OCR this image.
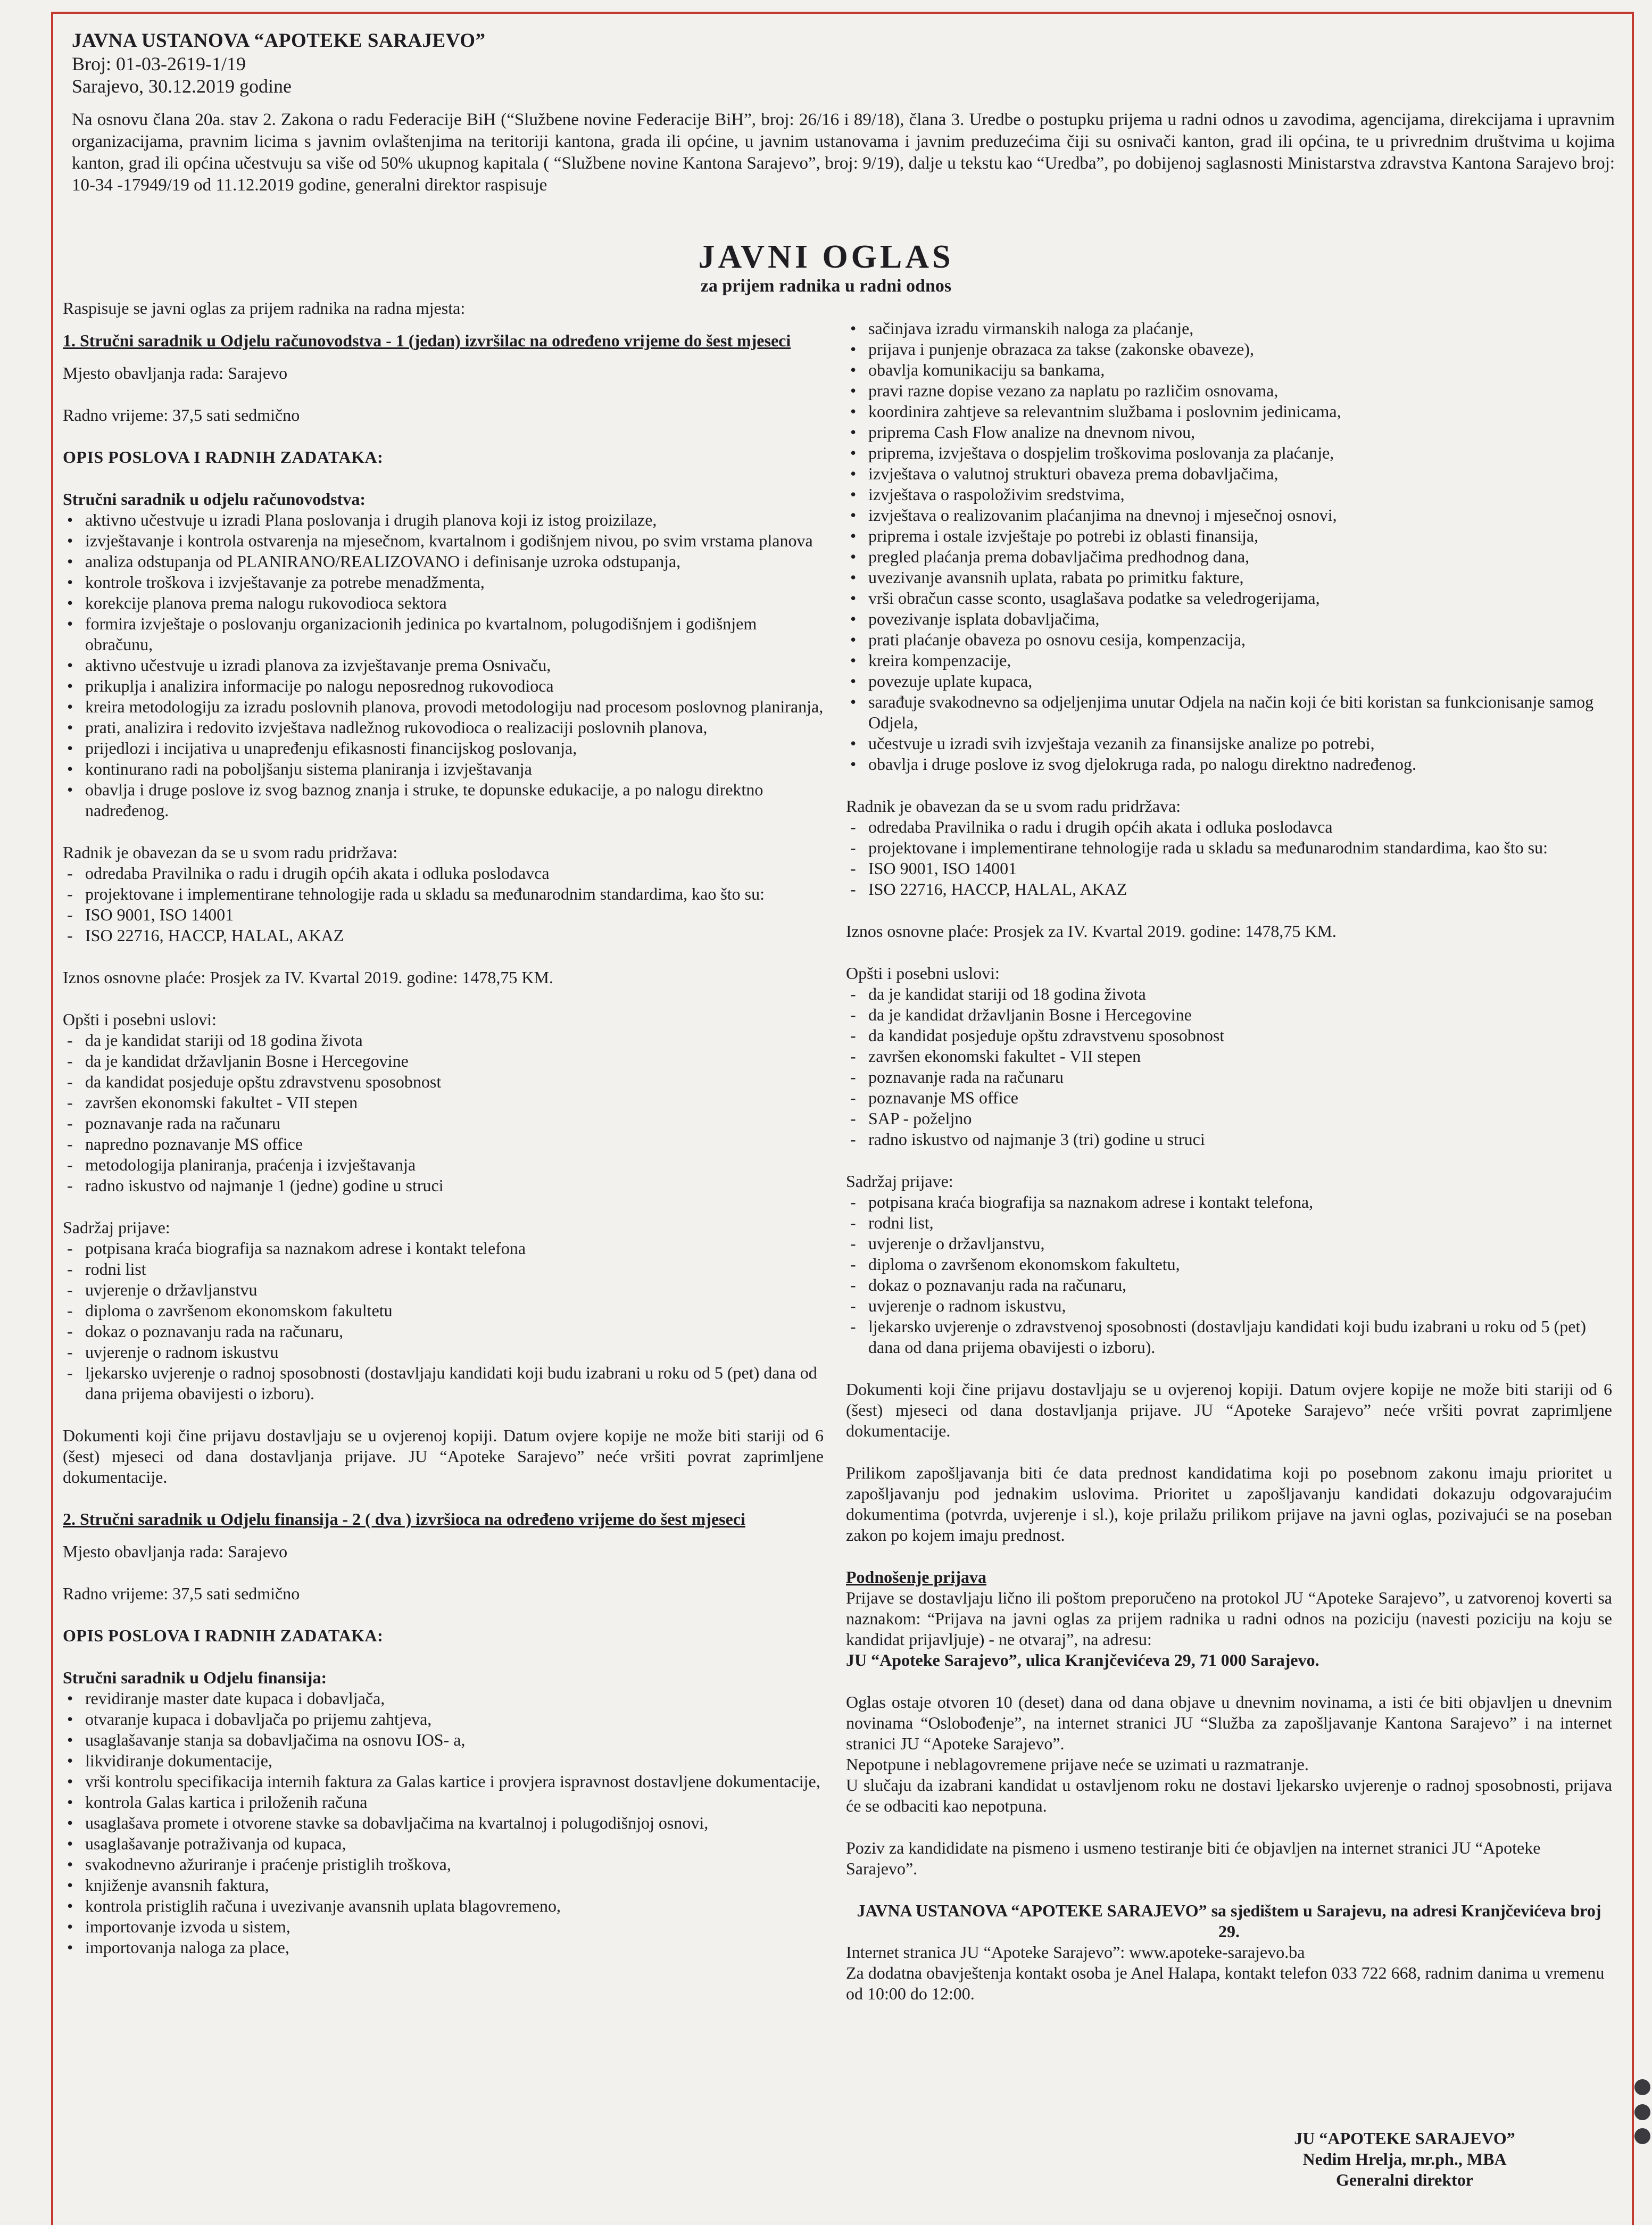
JAVNA USTANOVA “APOTEKE SARAJEVO”
Broj: 01-03-2619-1/19
Sarajevo, 30.12.2019 godine

Na osnovu člana 20a. stav 2. Zakona o radu Federacije BiH (“Službene novine Federacije BiH”, broj: 26/16 i 89/18), člana 3. Uredbe o postupku prijema u radni odnos u zavodima, agencijama, direkcijama i upravnim organizacijama, pravnim licima s javnim ovlaštenjima na teritoriji kantona, grada ili općine, u javnim ustanovama i javnim preduzećima čiji su osnivači kanton, grad ili općina, te u privrednim društvima u kojima kanton, grad ili općina učestvuju sa više od 50% ukupnog kapitala ( “Službene novine Kantona Sarajevo”, broj: 9/19), dalje u tekstu kao “Uredba”, po dobijenoj saglasnosti Ministarstva zdravstva Kantona Sarajevo broj: 10-34 -17949/19 od 11.12.2019 godine, generalni direktor raspisuje

JAVNI OGLAS
za prijem radnika u radni odnos

Raspisuje se javni oglas za prijem radnika na radna mjesta:

1. Stručni saradnik u Odjelu računovodstva - 1 (jedan) izvršilac na određeno vrijeme do šest mjeseci

Mjesto obavljanja rada: Sarajevo

Radno vrijeme: 37,5 sati sedmično

OPIS POSLOVA I RADNIH ZADATAKA:

Stručni saradnik u odjelu računovodstva:

• aktivno učestvuje u izradi Plana poslovanja i drugih planova koji iz istog proizilaze,
• izvještavanje i kontrola ostvarenja na mjesečnom, kvartalnom i godišnjem nivou, po svim vrstama planova
• analiza odstupanja od PLANIRANO/REALIZOVANO i definisanje uzroka odstupanja,
• kontrole troškova i izvještavanje za potrebe menadžmenta,
• korekcije planova prema nalogu rukovodioca sektora
• formira izvještaje o poslovanju organizacionih jedinica po kvartalnom, polugodišnjem i godišnjem obračunu,
• aktivno učestvuje u izradi planova za izvještavanje prema Osnivaču,
• prikuplja i analizira informacije po nalogu neposrednog rukovodioca
• kreira metodologiju za izradu poslovnih planova, provodi metodologiju nad procesom poslovnog planiranja,
• prati, analizira i redovito izvještava nadležnog rukovodioca o realizaciji poslovnih planova,
• prijedlozi i incijativa u unapređenju efikasnosti financijskog poslovanja,
• kontinurano radi na poboljšanju sistema planiranja i izvještavanja
• obavlja i druge poslove iz svog baznog znanja i struke, te dopunske edukacije, a po nalogu direktno nadređenog.

Radnik je obavezan da se u svom radu pridržava:

- odredaba Pravilnika o radu i drugih općih akata i odluka poslodavca
- projektovane i implementirane tehnologije rada u skladu sa međunarodnim standardima, kao što su:
- ISO 9001, ISO 14001
- ISO 22716, HACCP, HALAL, AKAZ

Iznos osnovne plaće: Prosjek za IV. Kvartal 2019. godine: 1478,75 KM.

Opšti i posebni uslovi:

- da je kandidat stariji od 18 godina života
- da je kandidat državljanin Bosne i Hercegovine
- da kandidat posjeduje opštu zdravstvenu sposobnost
- završen ekonomski fakultet - VII stepen
- poznavanje rada na računaru
- napredno poznavanje MS office
- metodologija planiranja, praćenja i izvještavanja
- radno iskustvo od najmanje 1 (jedne) godine u struci

Sadržaj prijave:

- potpisana kraća biografija sa naznakom adrese i kontakt telefona
- rodni list
- uvjerenje o državljanstvu
- diploma o završenom ekonomskom fakultetu
- dokaz o poznavanju rada na računaru,
- uvjerenje o radnom iskustvu
- ljekarsko uvjerenje o radnoj sposobnosti (dostavljaju kandidati koji budu izabrani u roku od 5 (pet) dana od dana prijema obavijesti o izboru).

Dokumenti koji čine prijavu dostavljaju se u ovjerenoj kopiji. Datum ovjere kopije ne može biti stariji od 6 (šest) mjeseci od dana dostavljanja prijave. JU “Apoteke Sarajevo” neće vršiti povrat zaprimljene dokumentacije.

2. Stručni saradnik u Odjelu finansija - 2 ( dva ) izvršioca na određeno vrijeme do šest mjeseci

Mjesto obavljanja rada: Sarajevo

Radno vrijeme: 37,5 sati sedmično

OPIS POSLOVA I RADNIH ZADATAKA:

Stručni saradnik u Odjelu finansija:

• revidiranje master date kupaca i dobavljača,
• otvaranje kupaca i dobavljača po prijemu zahtjeva,
• usaglašavanje stanja sa dobavljačima na osnovu IOS- a,
• likvidiranje dokumentacije,
• vrši kontrolu specifikacija internih faktura za Galas kartice i provjera ispravnost dostavljene dokumentacije,
• kontrola Galas kartica i priloženih računa
• usaglašava promete i otvorene stavke sa dobavljačima na kvartalnoj i polugodišnjoj osnovi,
• usaglašavanje potraživanja od kupaca,
• svakodnevno ažuriranje i praćenje pristiglih troškova,
• knjiženje avansnih faktura,
• kontrola pristiglih računa i uvezivanje avansnih uplata blagovremeno,
• importovanje izvoda u sistem,
• importovanja naloga za place,
• sačinjava izradu virmanskih naloga za plaćanje,
• prijava i punjenje obrazaca za takse (zakonske obaveze),
• obavlja komunikaciju sa bankama,
• pravi razne dopise vezano za naplatu po različim osnovama,
• koordinira zahtjeve sa relevantnim službama i poslovnim jedinicama,
• priprema Cash Flow analize na dnevnom nivou,
• priprema, izvještava o dospjelim troškovima poslovanja za plaćanje,
• izvještava o valutnoj strukturi obaveza prema dobavljačima,
• izvještava o raspoloživim sredstvima,
• izvještava o realizovanim plaćanjima na dnevnoj i mjesečnoj osnovi,
• priprema i ostale izvještaje po potrebi iz oblasti finansija,
• pregled plaćanja prema dobavljačima predhodnog dana,
• uvezivanje avansnih uplata, rabata po primitku fakture,
• vrši obračun casse sconto, usaglašava podatke sa veledrogerijama,
• povezivanje isplata dobavljačima,
• prati plaćanje obaveza po osnovu cesija, kompenzacija,
• kreira kompenzacije,
• povezuje uplate kupaca,
• sarađuje svakodnevno sa odjeljenjima unutar Odjela na način koji će biti koristan sa funkcionisanje samog Odjela,
• učestvuje u izradi svih izvještaja vezanih za finansijske analize po potrebi,
• obavlja i druge poslove iz svog djelokruga rada, po nalogu direktno nadređenog.

Radnik je obavezan da se u svom radu pridržava:

- odredaba Pravilnika o radu i drugih općih akata i odluka poslodavca
- projektovane i implementirane tehnologije rada u skladu sa međunarodnim standardima, kao što su:
- ISO 9001, ISO 14001
- ISO 22716, HACCP, HALAL, AKAZ

Iznos osnovne plaće: Prosjek za IV. Kvartal 2019. godine: 1478,75 KM.

Opšti i posebni uslovi:

- da je kandidat stariji od 18 godina života
- da je kandidat državljanin Bosne i Hercegovine
- da kandidat posjeduje opštu zdravstvenu sposobnost
- završen ekonomski fakultet - VII stepen
- poznavanje rada na računaru
- poznavanje MS office
- SAP - poželjno
- radno iskustvo od najmanje 3 (tri) godine u struci

Sadržaj prijave:

- potpisana kraća biografija sa naznakom adrese i kontakt telefona,
- rodni list,
- uvjerenje o državljanstvu,
- diploma o završenom ekonomskom fakultetu,
- dokaz o poznavanju rada na računaru,
- uvjerenje o radnom iskustvu,
- ljekarsko uvjerenje o zdravstvenoj sposobnosti (dostavljaju kandidati koji budu izabrani u roku od 5 (pet) dana od dana prijema obavijesti o izboru).

Dokumenti koji čine prijavu dostavljaju se u ovjerenoj kopiji. Datum ovjere kopije ne može biti stariji od 6 (šest) mjeseci od dana dostavljanja prijave. JU “Apoteke Sarajevo” neće vršiti povrat zaprimljene dokumentacije.

Prilikom zapošljavanja biti će data prednost kandidatima koji po posebnom zakonu imaju prioritet u zapošljavanju pod jednakim uslovima. Prioritet u zapošljavanju kandidati dokazuju odgovarajućim dokumentima (potvrda, uvjerenje i sl.), koje prilažu prilikom prijave na javni oglas, pozivajući se na poseban zakon po kojem imaju prednost.

Podnošenje prijava

Prijave se dostavljaju lično ili poštom preporučeno na protokol JU “Apoteke Sarajevo”, u zatvorenoj koverti sa naznakom: “Prijava na javni oglas za prijem radnika u radni odnos na poziciju (navesti poziciju na koju se kandidat prijavljuje) - ne otvaraj”, na adresu:

JU “Apoteke Sarajevo”, ulica Kranjčevićeva 29, 71 000 Sarajevo.

Oglas ostaje otvoren 10 (deset) dana od dana objave u dnevnim novinama, a isti će biti objavljen u dnevnim novinama “Oslobođenje”, na internet stranici JU “Služba za zapošljavanje Kantona Sarajevo” i na internet stranici JU “Apoteke Sarajevo”.

Nepotpune i neblagovremene prijave neće se uzimati u razmatranje.

U slučaju da izabrani kandidat u ostavljenom roku ne dostavi ljekarsko uvjerenje o radnoj sposobnosti, prijava će se odbaciti kao nepotpuna.

Poziv za kandididate na pismeno i usmeno testiranje biti će objavljen na internet stranici JU “Apoteke Sarajevo”.

JAVNA USTANOVA “APOTEKE SARAJEVO” sa sjedištem u Sarajevu, na adresi Kranjčevićeva broj 29.

Internet stranica JU “Apoteke Sarajevo”: www.apoteke-sarajevo.ba

Za dodatna obavještenja kontakt osoba je Anel Halapa, kontakt telefon 033 722 668, radnim danima u vremenu od 10:00 do 12:00.

JU “APOTEKE SARAJEVO”
Nedim Hrelja, mr.ph., MBA
Generalni direktor
